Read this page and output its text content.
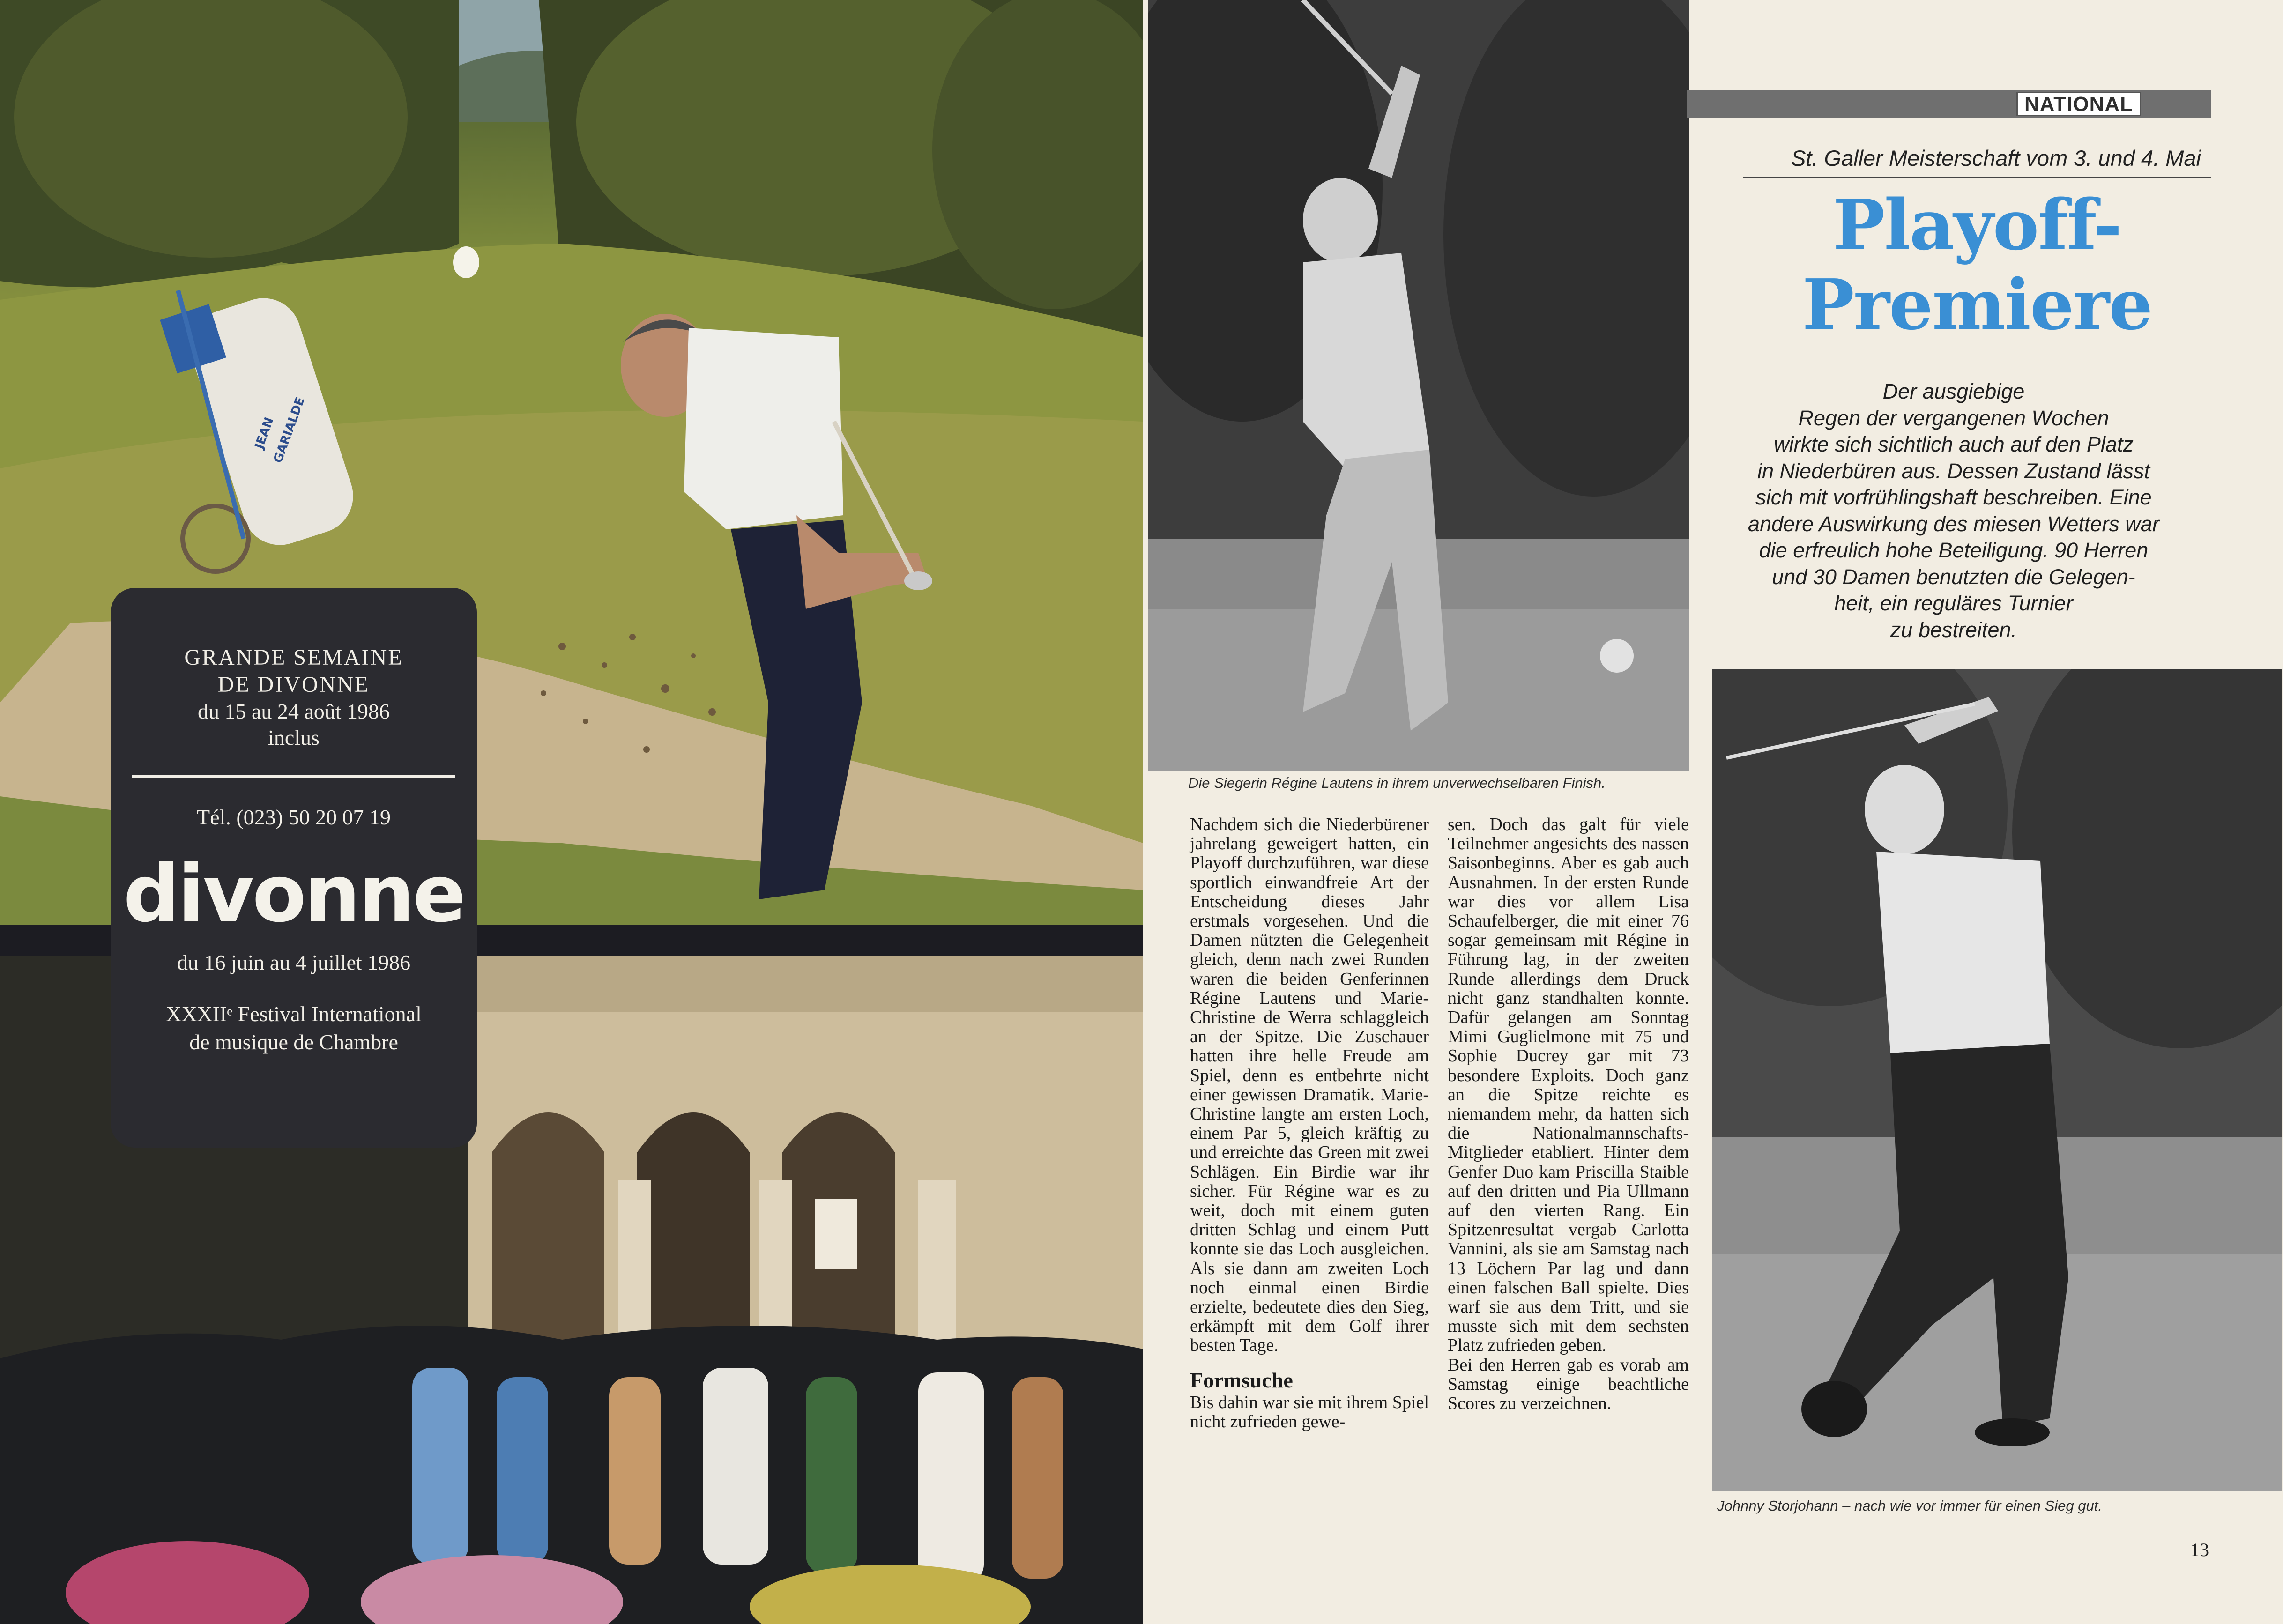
JEAN
GARIALDE
GRANDE SEMAINE
DE DIVONNE
du 15 au 24 août 1986
inclus
Tél. (023) 50 20 07 19
divonne
du 16 juin au 4 juillet 1986
XXXIIᵉ Festival International
de musique de Chambre
Die Siegerin Régine Lautens in ihrem unverwechselbaren Finish.
NATIONAL
St. Galler Meisterschaft vom 3. und 4. Mai
Playoff-
Premiere
Der ausgiebige
Regen der vergangenen Wochen
wirkte sich sichtlich auch auf den Platz
in Niederbüren aus. Dessen Zustand lässt
sich mit vorfrühlingshaft beschreiben. Eine
andere Auswirkung des miesen Wetters war
die erfreulich hohe Beteiligung. 90 Herren
und 30 Damen benutzten die Gelegen-
heit, ein reguläres Turnier
zu bestreiten.
Johnny Storjohann – nach wie vor immer für einen Sieg gut.

Nachdem sich die Niederbürener jahrelang geweigert hatten, ein Playoff durchzuführen, war diese sportlich einwandfreie Art der Entscheidung dieses Jahr erstmals vorgesehen. Und die Damen nützten die Gelegenheit gleich, denn nach zwei Runden waren die beiden Genferinnen Régine Lautens und Marie-Christine de Werra schlaggleich an der Spitze. Die Zuschauer hatten ihre helle Freude am Spiel, denn es entbehrte nicht einer gewissen Dramatik. Marie-Christine langte am ersten Loch, einem Par 5, gleich kräftig zu und erreichte das Green mit zwei Schlägen. Ein Birdie war ihr sicher. Für Régine war es zu weit, doch mit einem guten dritten Schlag und einem Putt konnte sie das Loch ausgleichen. Als sie dann am zweiten Loch noch einmal einen Birdie erzielte, bedeutete dies den Sieg, erkämpft mit dem Golf ihrer besten Tage.

Formsuche

Bis dahin war sie mit ihrem Spiel nicht zufrieden gewe-

sen. Doch das galt für viele Teilnehmer angesichts des nassen Saisonbeginns. Aber es gab auch Ausnahmen. In der ersten Runde war dies vor allem Lisa Schaufelberger, die mit einer 76 sogar gemeinsam mit Régine in Führung lag, in der zweiten Runde allerdings dem Druck nicht ganz standhalten konnte. Dafür gelangen am Sonntag Mimi Guglielmone mit 75 und Sophie Ducrey gar mit 73 besondere Exploits. Doch ganz an die Spitze reichte es niemandem mehr, da hatten sich die Nationalmannschafts-Mitglieder etabliert. Hinter dem Genfer Duo kam Priscilla Staible auf den dritten und Pia Ullmann auf den vierten Rang. Ein Spitzenresultat vergab Carlotta Vannini, als sie am Samstag nach 13 Löchern Par lag und dann einen falschen Ball spielte. Dies warf sie aus dem Tritt, und sie musste sich mit dem sechsten Platz zufrieden geben.

Bei den Herren gab es vorab am Samstag einige beachtliche Scores zu verzeichnen.

13
